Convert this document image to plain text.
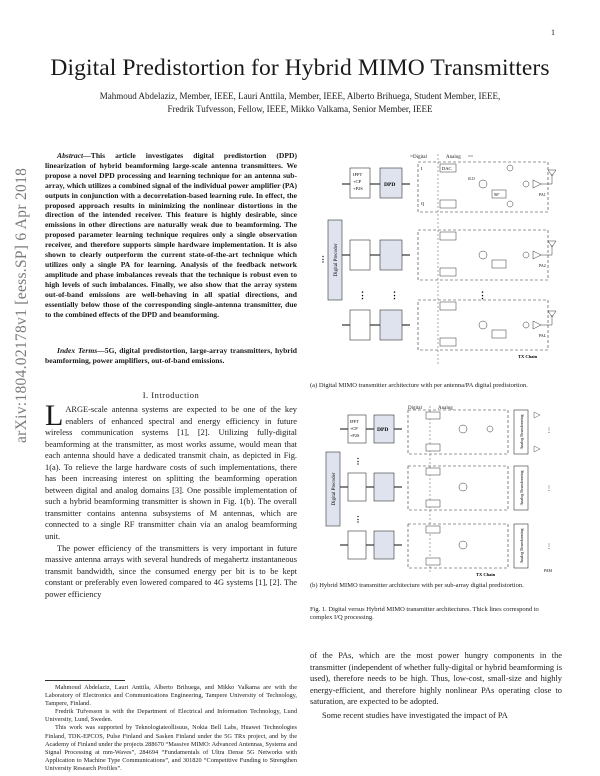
1
arXiv:1804.02178v1 [eess.SP] 6 Apr 2018
Digital Predistortion for Hybrid MIMO Transmitters
Mahmoud Abdelaziz, Member, IEEE, Lauri Anttila, Member, IEEE, Alberto Brihuega, Student Member, IEEE,
Fredrik Tufvesson, Fellow, IEEE, Mikko Valkama, Senior Member, IEEE
Abstract—This article investigates digital predistortion (DPD) linearization of hybrid beamforming large-scale antenna transmitters. We propose a novel DPD processing and learning technique for an antenna sub-array, which utilizes a combined signal of the individual power amplifier (PA) outputs in conjunction with a decorrelation-based learning rule. In effect, the proposed approach results in minimizing the nonlinear distortions in the direction of the intended receiver. This feature is highly desirable, since emissions in other directions are naturally weak due to beamforming. The proposed parameter learning technique requires only a single observation receiver, and therefore supports simple hardware implementation. It is also shown to clearly outperform the current state-of-the-art technique which utilizes only a single PA for learning. Analysis of the feedback network amplitude and phase imbalances reveals that the technique is robust even to high levels of such imbalances. Finally, we also show that the array system out-of-band emissions are well-behaving in all spatial directions, and essentially below those of the corresponding single-antenna transmitter, due to the combined effects of the DPD and beamforming.
Index Terms—5G, digital predistortion, large-array transmitters, hybrid beamforming, power amplifiers, out-of-band emissions.
I. Introduction
LARGE-scale antenna systems are expected to be one of the key enablers of enhanced spectral and energy efficiency in future wireless communication systems [1], [2]. Utilizing fully-digital beamforming at the transmitter, as most works assume, would mean that each antenna should have a dedicated transmit chain, as depicted in Fig. 1(a). To relieve the large hardware costs of such implementations, there has been increasing interest on splitting the beamforming operation between digital and analog domains [3]. One possible implementation of such a hybrid beamforming transmitter is shown in Fig. 1(b). The overall transmitter contains antenna subsystems of M antennas, which are connected to a single RF transmitter chain via an analog beamforming unit.
The power efficiency of the transmitters is very important in future massive antenna arrays with several hundreds of megahertz instantaneous transmit bandwidth, since the consumed energy per bit is to be kept constant or preferably even lowered compared to 4G systems [1], [2]. The power efficiency
Mahmoud Abdelaziz, Lauri Anttila, Alberto Brihuega, and Mikko Valkama are with the Laboratory of Electronics and Communications Engineering, Tampere University of Technology, Tampere, Finland.
Fredrik Tufvesson is with the Department of Electrical and Information Technology, Lund University, Lund, Sweden.
This work was supported by Teknologiateollisuus, Nokia Bell Labs, Huawei Technologies Finland, TDK-EPCOS, Pulse Finland and Sasken Finland under the 5G TRx project, and by the Academy of Finland under the projects 288670 “Massive MIMO: Advanced Antennas, Systems and Signal Processing at mm-Waves”, 284694 “Fundamentals of Ultra Dense 5G Networks with Application to Machine Type Communications”, and 301820 “Competitive Funding to Strengthen University Research Profiles”.
Digital	Analog
Digital Precoder
⋮
IFFT
+CP
+P2S
DPD
DAC
I
Q
fLO
90°	PA1
PA2
⋮	⋮	⋮
PAL
TX Chain
(a) Digital MIMO transmitter architecture with per antenna/PA digital predistortion.
Digital	Analog
Digital Precoder
IFFT
+CP
+P2S
DPD	Analog Beamforming	⋮
Analog Beamforming	⋮
Analog Beamforming	⋮
PAM
TX Chain
⋮
⋮
(b) Hybrid MIMO transmitter architecture with per sub-array digital predistortion.
Fig. 1. Digital versus Hybrid MIMO transmitter architectures. Thick lines correspond to complex I/Q processing.
of the PAs, which are the most power hungry components in the transmitter (independent of whether fully-digital or hybrid beamforming is used), therefore needs to be high. Thus, low-cost, small-size and highly energy-efficient, and therefore highly nonlinear PAs operating close to saturation, are expected to be adopted.
Some recent studies have investigated the impact of PA
